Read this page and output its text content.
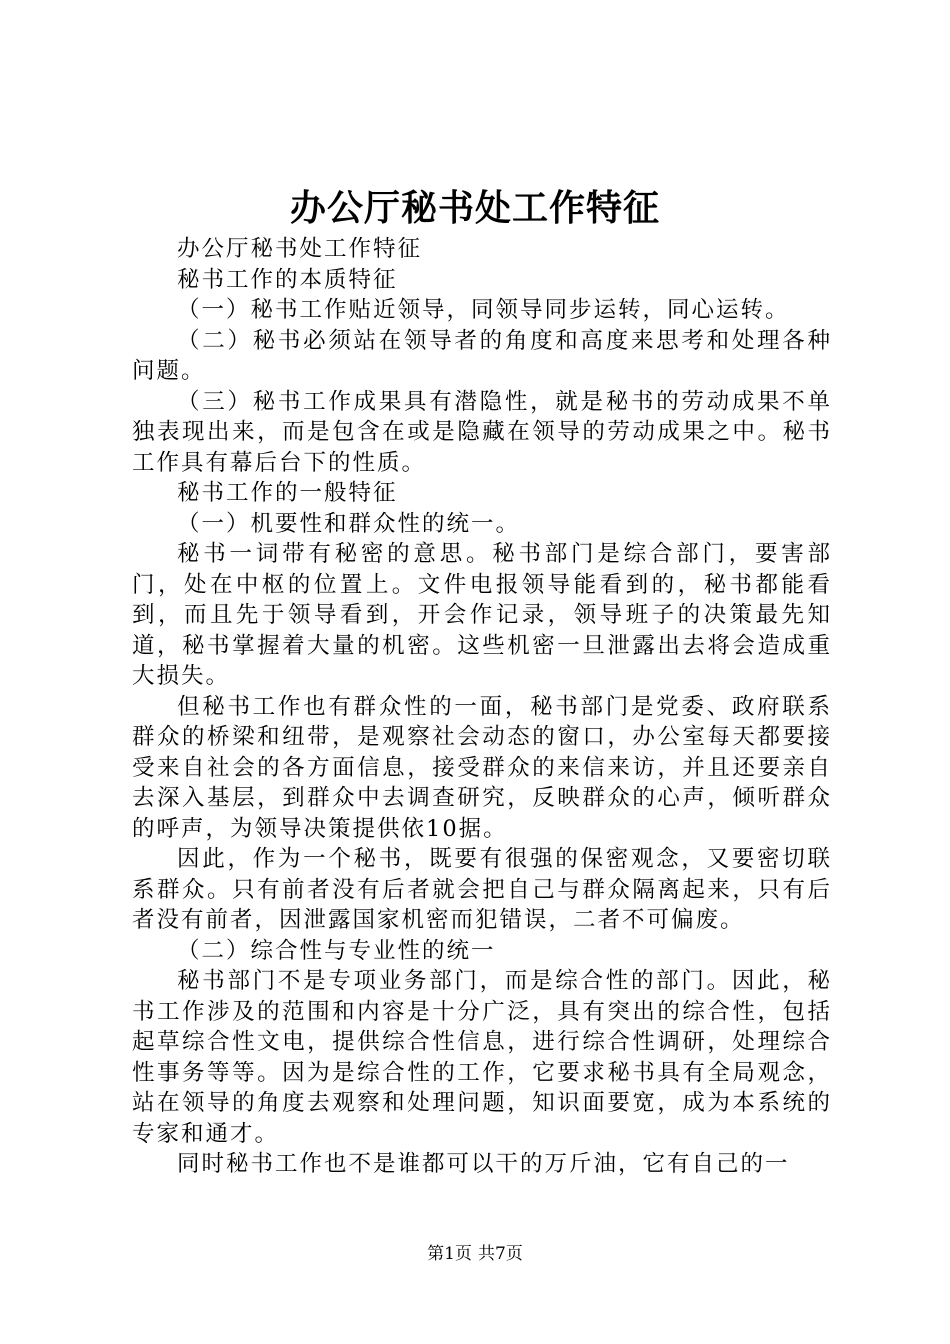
办公厅秘书处工作特征

办公厅秘书处工作特征

秘书工作的本质特征

（一）秘书工作贴近领导，同领导同步运转，同心运转。

（二）秘书必须站在领导者的角度和高度来思考和处理各种问题。

（三）秘书工作成果具有潜隐性，就是秘书的劳动成果不单独表现出来，而是包含在或是隐藏在领导的劳动成果之中。秘书工作具有幕后台下的性质。

秘书工作的一般特征

（一）机要性和群众性的统一。

秘书一词带有秘密的意思。秘书部门是综合部门，要害部门，处在中枢的位置上。文件电报领导能看到的，秘书都能看到，而且先于领导看到，开会作记录，领导班子的决策最先知道，秘书掌握着大量的机密。这些机密一旦泄露出去将会造成重大损失。

但秘书工作也有群众性的一面，秘书部门是党委、政府联系群众的桥梁和纽带，是观察社会动态的窗口，办公室每天都要接受来自社会的各方面信息，接受群众的来信来访，并且还要亲自去深入基层，到群众中去调查研究，反映群众的心声，倾听群众的呼声，为领导决策提供依10据。

因此，作为一个秘书，既要有很强的保密观念，又要密切联系群众。只有前者没有后者就会把自己与群众隔离起来，只有后者没有前者，因泄露国家机密而犯错误，二者不可偏废。

（二）综合性与专业性的统一

秘书部门不是专项业务部门，而是综合性的部门。因此，秘书工作涉及的范围和内容是十分广泛，具有突出的综合性，包括起草综合性文电，提供综合性信息，进行综合性调研，处理综合性事务等等。因为是综合性的工作，它要求秘书具有全局观念，站在领导的角度去观察和处理问题，知识面要宽，成为本系统的专家和通才。

同时秘书工作也不是谁都可以干的万斤油，它有自己的一

第1页 共7页
